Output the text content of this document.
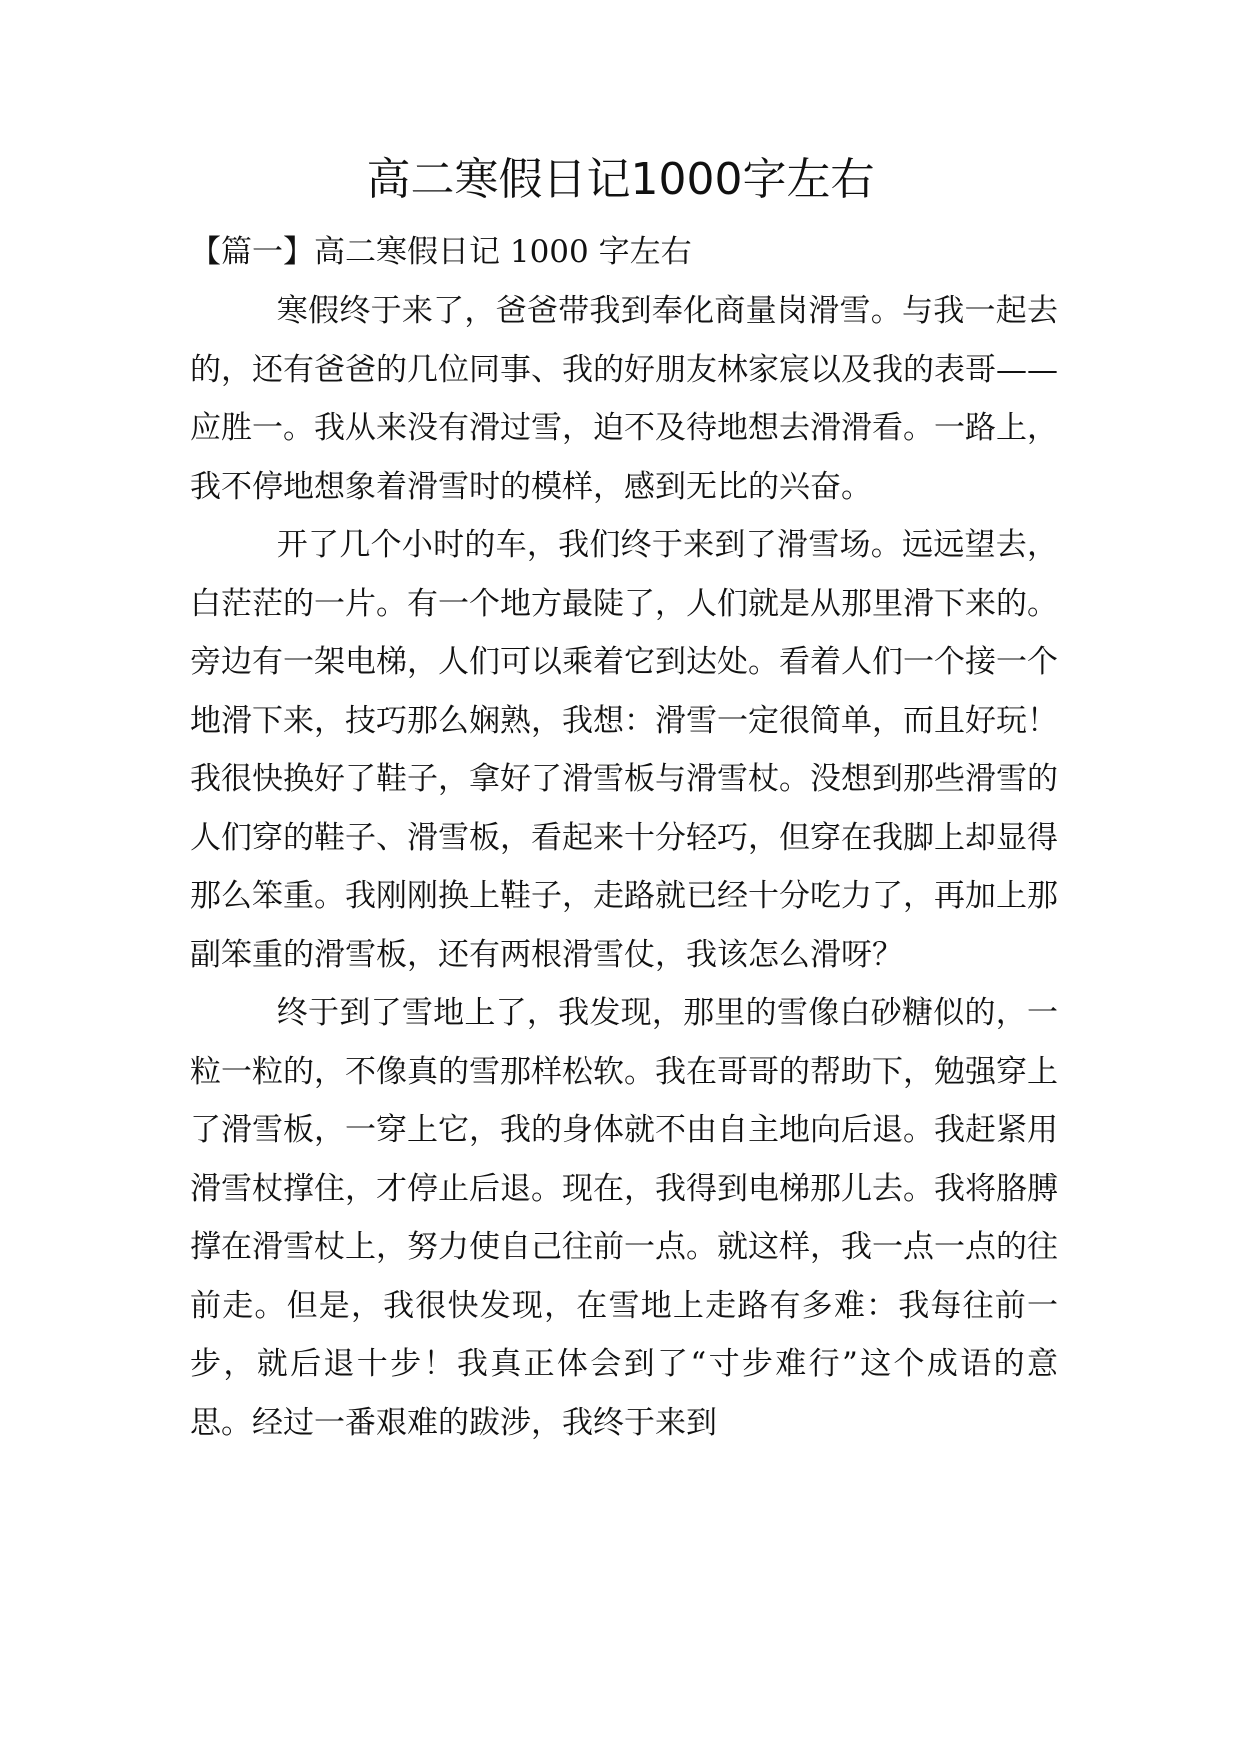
高二寒假日记1000字左右

【篇一】高二寒假日记 1000 字左右

寒假终于来了，爸爸带我到奉化商量岗滑雪。与我一起去的，还有爸爸的几位同事、我的好朋友林家宸以及我的表哥——应胜一。我从来没有滑过雪，迫不及待地想去滑滑看。一路上，我不停地想象着滑雪时的模样，感到无比的兴奋。

开了几个小时的车，我们终于来到了滑雪场。远远望去，白茫茫的一片。有一个地方最陡了，人们就是从那里滑下来的。旁边有一架电梯，人们可以乘着它到达处。看着人们一个接一个地滑下来，技巧那么娴熟，我想：滑雪一定很简单，而且好玩！我很快换好了鞋子，拿好了滑雪板与滑雪杖。没想到那些滑雪的人们穿的鞋子、滑雪板，看起来十分轻巧，但穿在我脚上却显得那么笨重。我刚刚换上鞋子，走路就已经十分吃力了，再加上那副笨重的滑雪板，还有两根滑雪仗，我该怎么滑呀？

终于到了雪地上了，我发现，那里的雪像白砂糖似的，一粒一粒的，不像真的雪那样松软。我在哥哥的帮助下，勉强穿上了滑雪板，一穿上它，我的身体就不由自主地向后退。我赶紧用滑雪杖撑住，才停止后退。现在，我得到电梯那儿去。我将胳膊撑在滑雪杖上，努力使自己往前一点。就这样，我一点一点的往前走。但是，我很快发现，在雪地上走路有多难：我每往前一步，就后退十步！我真正体会到了“寸步难行”这个成语的意思。经过一番艰难的跋涉，我终于来到
